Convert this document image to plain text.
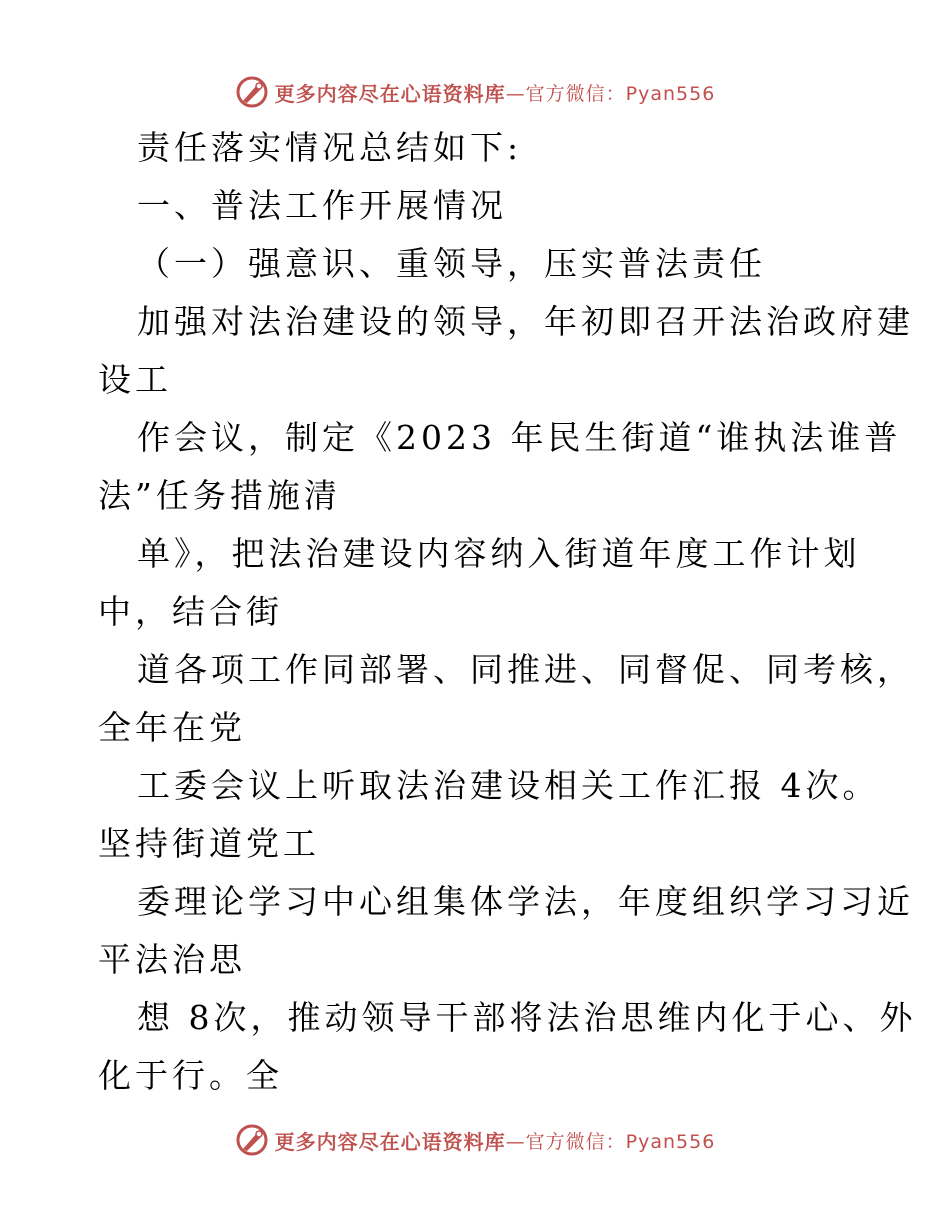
更多内容尽在心语资料库 —官方微信：Pyan556
责任落实情况总结如下:
一、普法工作开展情况
（一）强意识、重领导，压实普法责任
加强对法治建设的领导，年初即召开法治政府建
设工
作会议，制定《2023 年民生街道“谁执法谁普
法”任务措施清
单》，把法治建设内容纳入街道年度工作计划
中，结合街
道各项工作同部署、同推进、同督促、同考核，
全年在党
工委会议上听取法治建设相关工作汇报 4次。
坚持街道党工
委理论学习中心组集体学法，年度组织学习习近
平法治思
想 8次，推动领导干部将法治思维内化于心、外
化于行。全
更多内容尽在心语资料库 —官方微信：Pyan556
